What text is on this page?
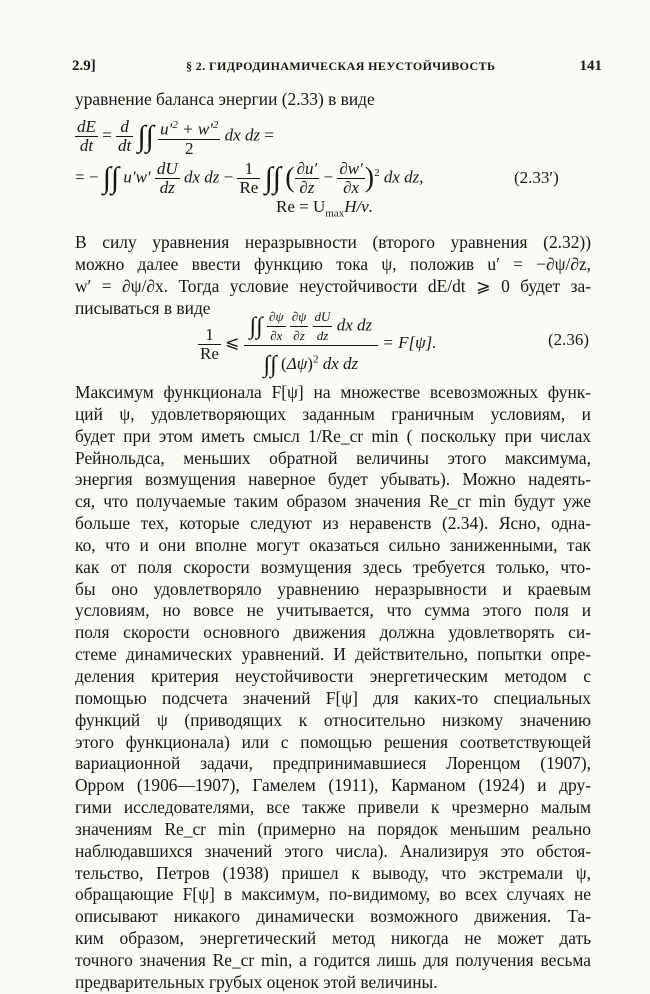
2.9]	§ 2. ГИДРОДИНАМИЧЕСКАЯ НЕУСТОЙЧИВОСТЬ	141
уравнение баланса энергии (2.33) в виде
$\frac{dE}{dt} = \frac{d}{dt}$ ∫∫ $\frac{u'^2 + w'^2}{2}$ dx dz =
= − ∫∫ $u'w' \frac{dU}{dz}$ dx dz − $\frac{1}{Re}$ ∫∫ ( $\frac{\partial u'}{\partial z} - \frac{\partial w'}{\partial x} )^2$ dx dz,	(2.33′)
$Re = U_{max}H/\nu$.
В силу уравнения неразрывности (второго уравнения (2.32))
можно далее ввести функцию тока ψ, положив u′ = −∂ψ/∂z,
w′ = ∂ψ/∂x. Тогда условие неустойчивости dE/dt ⩾ 0 будет за-
писываться в виде
$\frac{1}{Re}$ ⩽ ∫∫ $\frac{\partial\psi}{\partial x}$
$\frac{\partial\psi}{\partial z}$
$\frac{dU}{dz}$ dx dz
∫∫ $(\Delta\psi)^2$ dx dz = F[ψ].	(2.36)
Максимум функционала F[ψ] на множестве всевозможных функ-
ций ψ, удовлетворяющих заданным граничным условиям, и
будет при этом иметь смысл 1/Re_cr min ( поскольку при числах
Рейнольдса, меньших обратной величины этого максимума,
энергия возмущения наверное будет убывать). Можно надеять-
ся, что получаемые таким образом значения Re_cr min будут уже
больше тех, которые следуют из неравенств (2.34). Ясно, одна-
ко, что и они вполне могут оказаться сильно заниженными, так
как от поля скорости возмущения здесь требуется только, что-
бы оно удовлетворяло уравнению неразрывности и краевым
условиям, но вовсе не учитывается, что сумма этого поля и
поля скорости основного движения должна удовлетворять си-
стеме динамических уравнений. И действительно, попытки опре-
деления критерия неустойчивости энергетическим методом с
помощью подсчета значений F[ψ] для каких-то специальных
функций ψ (приводящих к относительно низкому значению
этого функционала) или с помощью решения соответствующей
вариационной задачи, предпринимавшиеся Лоренцом (1907),
Орром (1906—1907), Гамелем (1911), Карманом (1924) и дру-
гими исследователями, все также привели к чрезмерно малым
значениям Re_cr min (примерно на порядок меньшим реально
наблюдавшихся значений этого числа). Анализируя это обстоя-
тельство, Петров (1938) пришел к выводу, что экстремали ψ,
обращающие F[ψ] в максимум, по-видимому, во всех случаях не
описывают никакого динамически возможного движения. Та-
ким образом, энергетический метод никогда не может дать
точного значения Re_cr min, а годится лишь для получения весьма
предварительных грубых оценок этой величины.
